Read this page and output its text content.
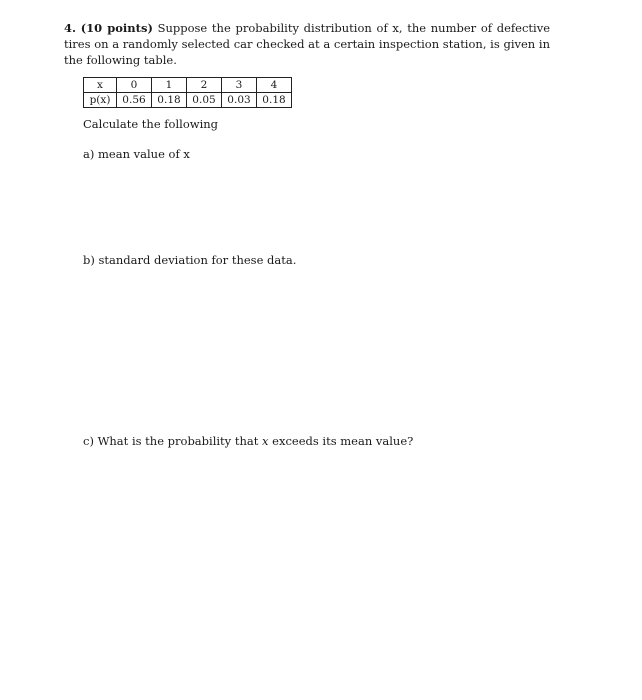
4. (10 points) Suppose the probability distribution of x, the number of defective tires on a randomly selected car checked at a certain inspection station, is given in the following table.
x	0	1	2	3	4
p(x)	0.56	0.18	0.05	0.03	0.18
Calculate the following
a) mean value of x
b) standard deviation for these data.
c) What is the probability that x exceeds its mean value?
